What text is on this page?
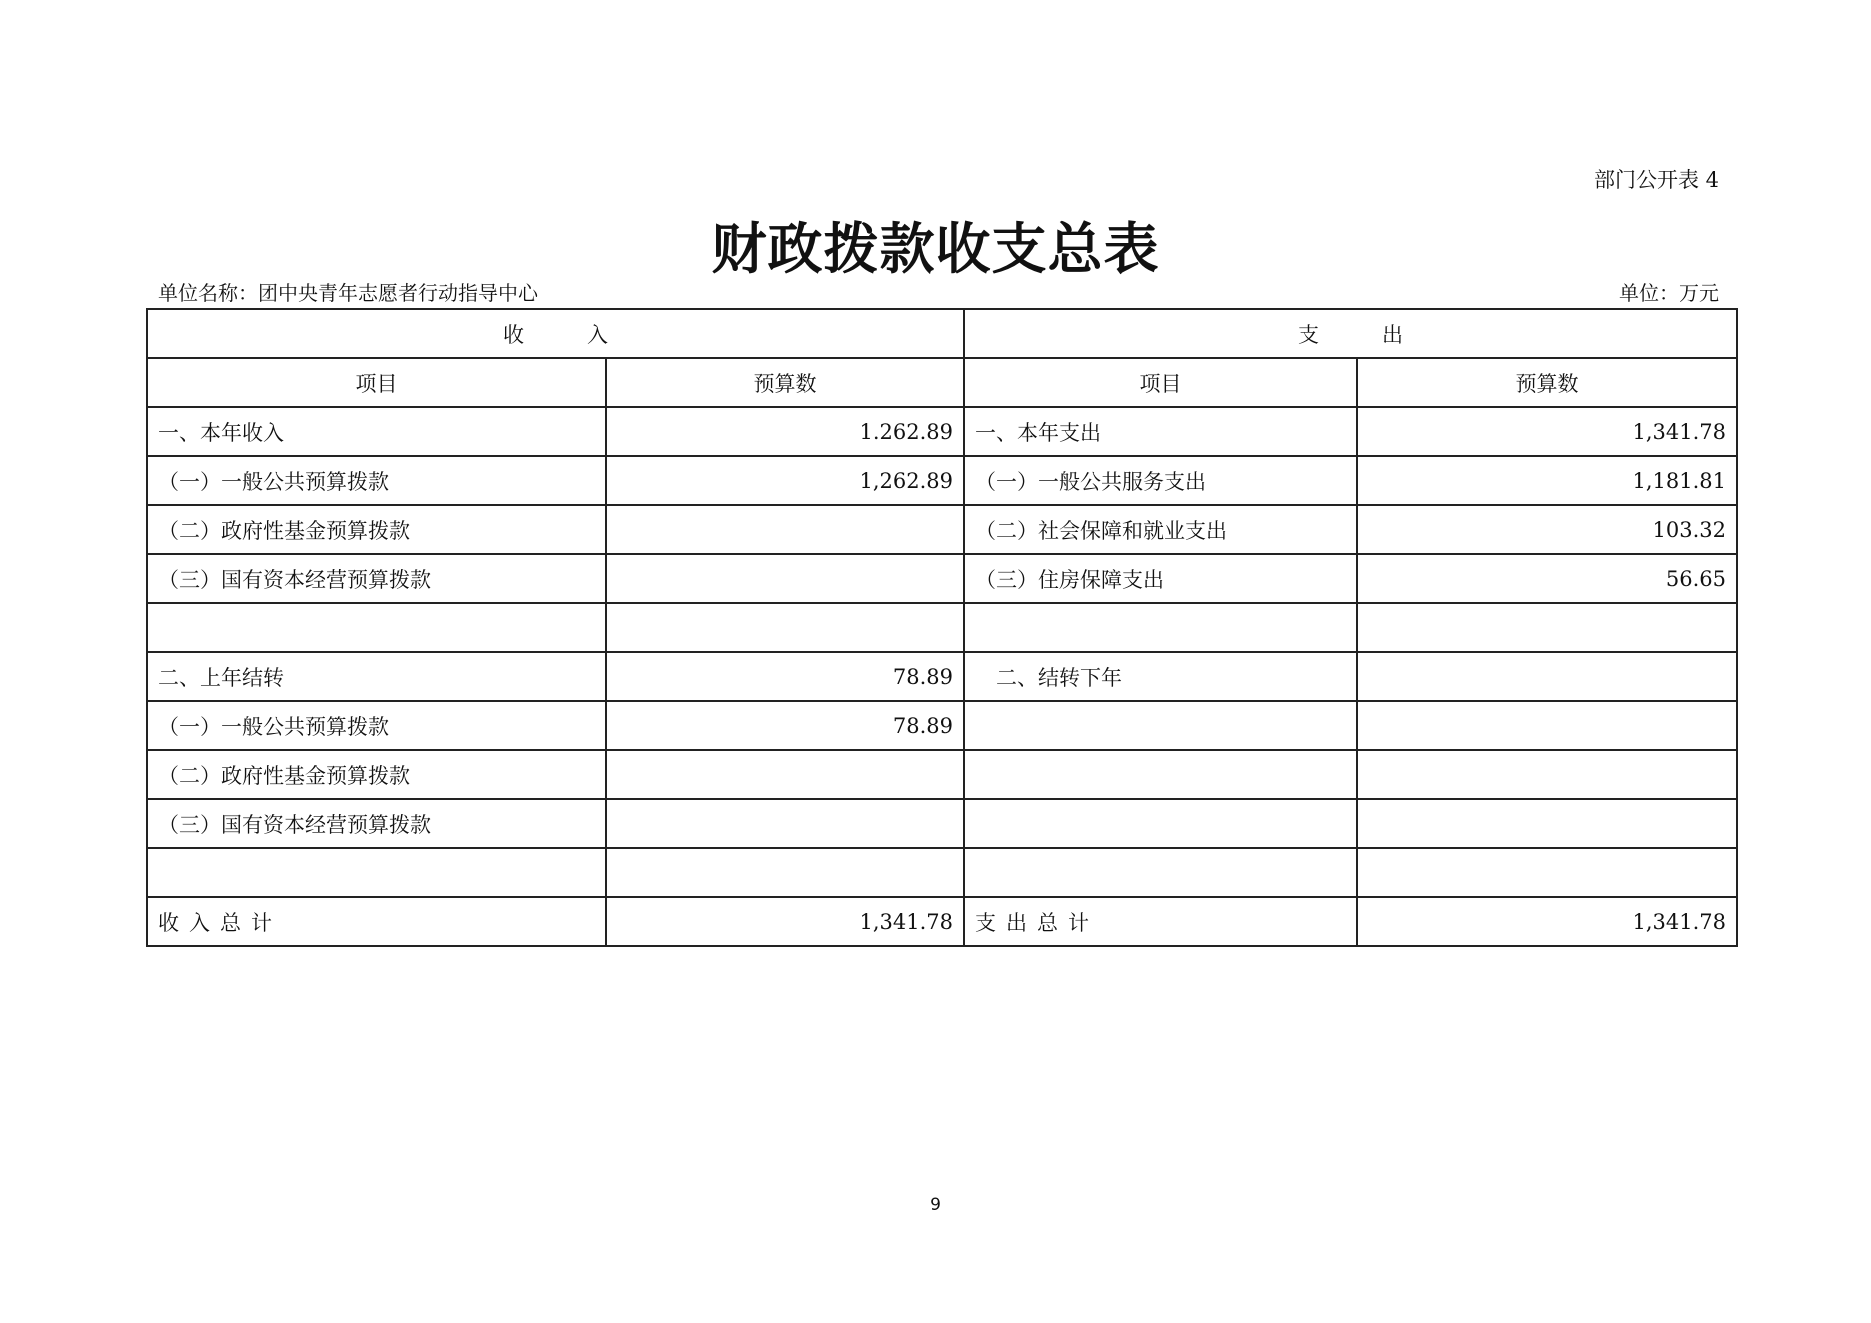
部门公开表 4
财政拨款收支总表
单位名称：团中央青年志愿者行动指导中心	单位：万元
收　　　入		支　　　出	
项目	预算数	项目	预算数
一、本年收入	1.262.89	一、本年支出	1,341.78
（一）一般公共预算拨款	1,262.89	（一）一般公共服务支出	1,181.81
（二）政府性基金预算拨款		（二）社会保障和就业支出	103.32
（三）国有资本经营预算拨款		（三）住房保障支出	56.65

二、上年结转	78.89	　二、结转下年	
（一）一般公共预算拨款	78.89		
（二）政府性基金预算拨款			
（三）国有资本经营预算拨款			

收入总计	1,341.78	支出总计	1,341.78
9
